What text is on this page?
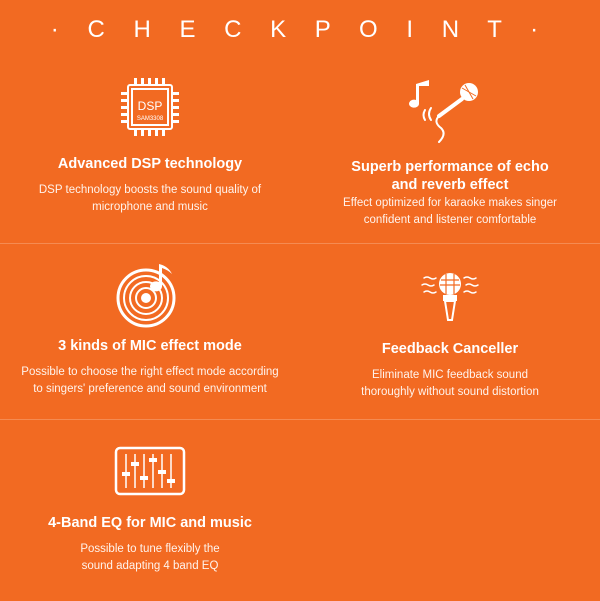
· C H E C K P O I N T ·
DSP
SAM3308
Advanced DSP technology

DSP technology boosts the sound quality of
microphone and music

Superb performance of echo
and reverb effect

Effect optimized for karaoke makes singer
confident and listener comfortable

3 kinds of MIC effect mode

Possible to choose the right effect mode according
to singers' preference and sound environment

Feedback Canceller

Eliminate MIC feedback sound
thoroughly without sound distortion

4-Band EQ for MIC and music

Possible to tune flexibly the
sound adapting 4 band EQ
